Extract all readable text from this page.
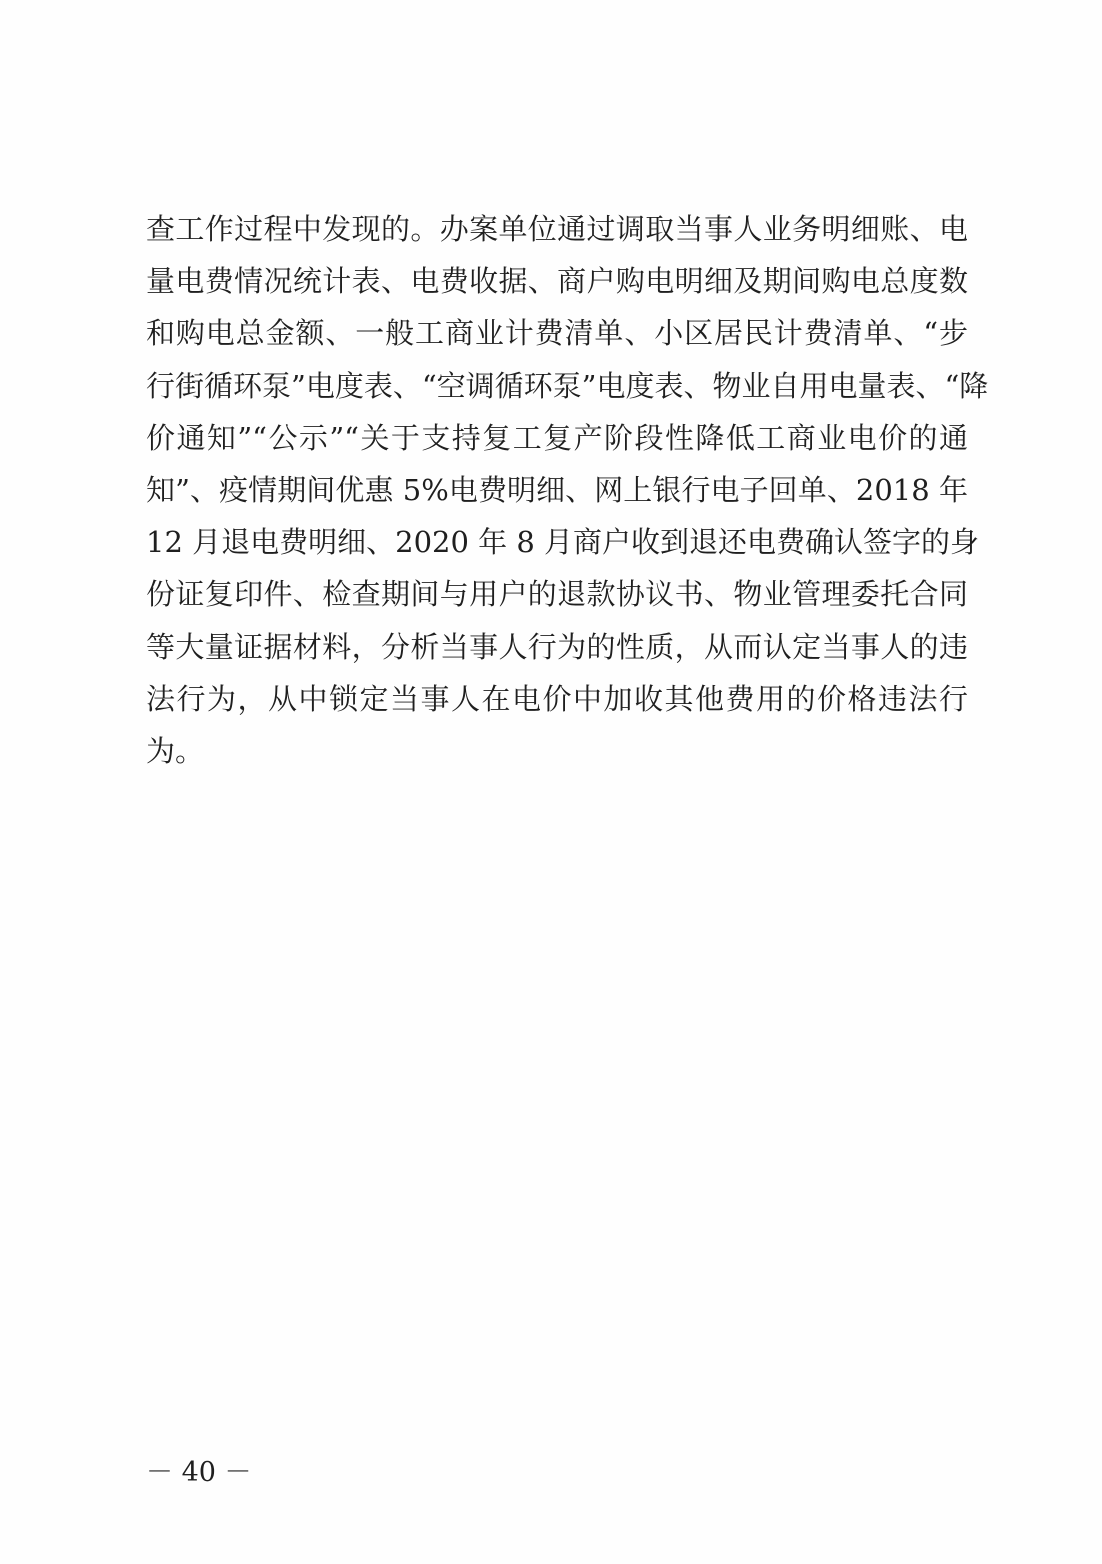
查工作过程中发现的。办案单位通过调取当事人业务明细账、电
量电费情况统计表、电费收据、商户购电明细及期间购电总度数
和购电总金额、一般工商业计费清单、小区居民计费清单、“步
行街循环泵”电度表、“空调循环泵”电度表、物业自用电量表、“降
价通知”“公示”“关于支持复工复产阶段性降低工商业电价的通
知”、疫情期间优惠 5%电费明细、网上银行电子回单、2018 年
12 月退电费明细、2020 年 8 月商户收到退还电费确认签字的身
份证复印件、检查期间与用户的退款协议书、物业管理委托合同
等大量证据材料，分析当事人行为的性质，从而认定当事人的违
法行为，从中锁定当事人在电价中加收其他费用的价格违法行
为。
－ 40 －
